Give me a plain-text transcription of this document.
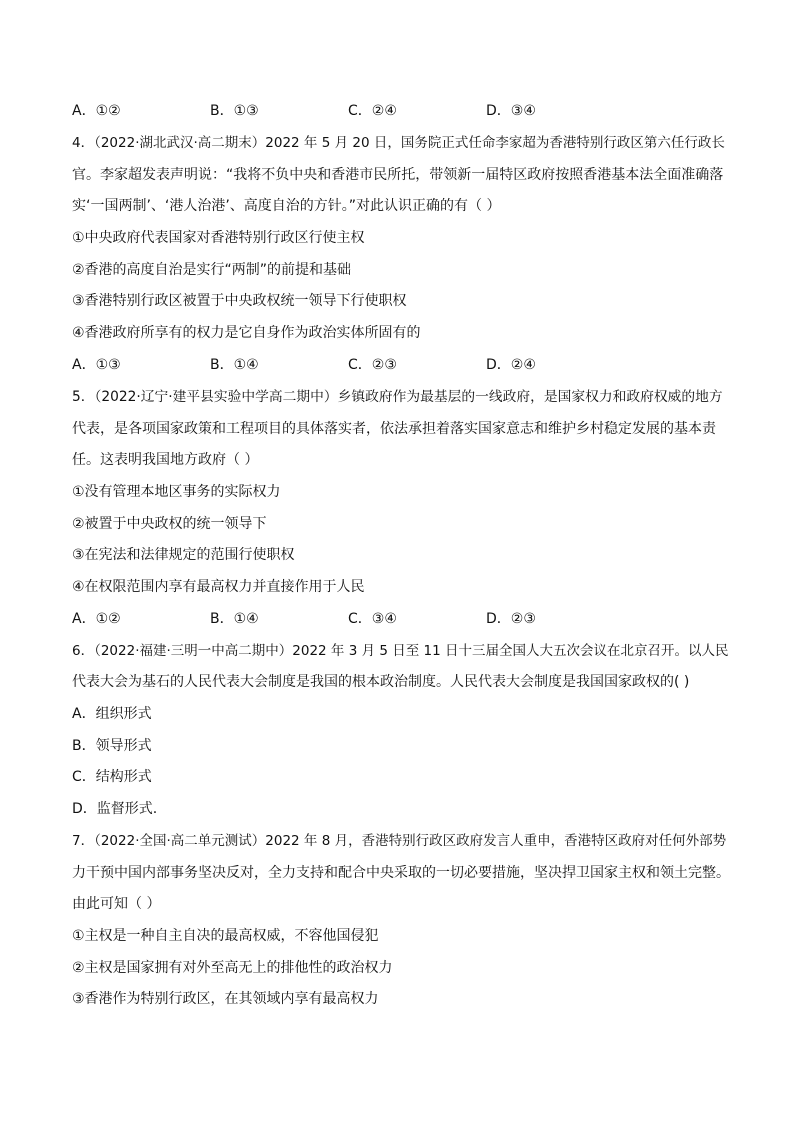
A．①②	B．①③	C．②④	D．③④
4．（2022·湖北武汉·高二期末）2022 年 5 月 20 日，国务院正式任命李家超为香港特别行政区第六任行政长
官。李家超发表声明说：“我将不负中央和香港市民所托，带领新一届特区政府按照香港基本法全面准确落
实‘一国两制’、‘港人治港’、高度自治的方针。”对此认识正确的有（ ）
①中央政府代表国家对香港特别行政区行使主权
②香港的高度自治是实行“两制”的前提和基础
③香港特别行政区被置于中央政权统一领导下行使职权
④香港政府所享有的权力是它自身作为政治实体所固有的
A．①③	B．①④	C．②③	D．②④
5．（2022·辽宁·建平县实验中学高二期中）乡镇政府作为最基层的一线政府，是国家权力和政府权威的地方
代表，是各项国家政策和工程项目的具体落实者，依法承担着落实国家意志和维护乡村稳定发展的基本责
任。这表明我国地方政府（ ）
①没有管理本地区事务的实际权力
②被置于中央政权的统一领导下
③在宪法和法律规定的范围行使职权
④在权限范围内享有最高权力并直接作用于人民
A．①②	B．①④	C．③④	D．②③
6．（2022·福建·三明一中高二期中）2022 年 3 月 5 日至 11 日十三届全国人大五次会议在北京召开。以人民
代表大会为基石的人民代表大会制度是我国的根本政治制度。人民代表大会制度是我国国家政权的( )
A．组织形式
B．领导形式
C．结构形式
D．监督形式.
7．（2022·全国·高二单元测试）2022 年 8 月，香港特别行政区政府发言人重申，香港特区政府对任何外部势
力干预中国内部事务坚决反对，全力支持和配合中央采取的一切必要措施，坚决捍卫国家主权和领土完整。
由此可知（ ）
①主权是一种自主自决的最高权威，不容他国侵犯
②主权是国家拥有对外至高无上的排他性的政治权力
③香港作为特别行政区，在其领域内享有最高权力
